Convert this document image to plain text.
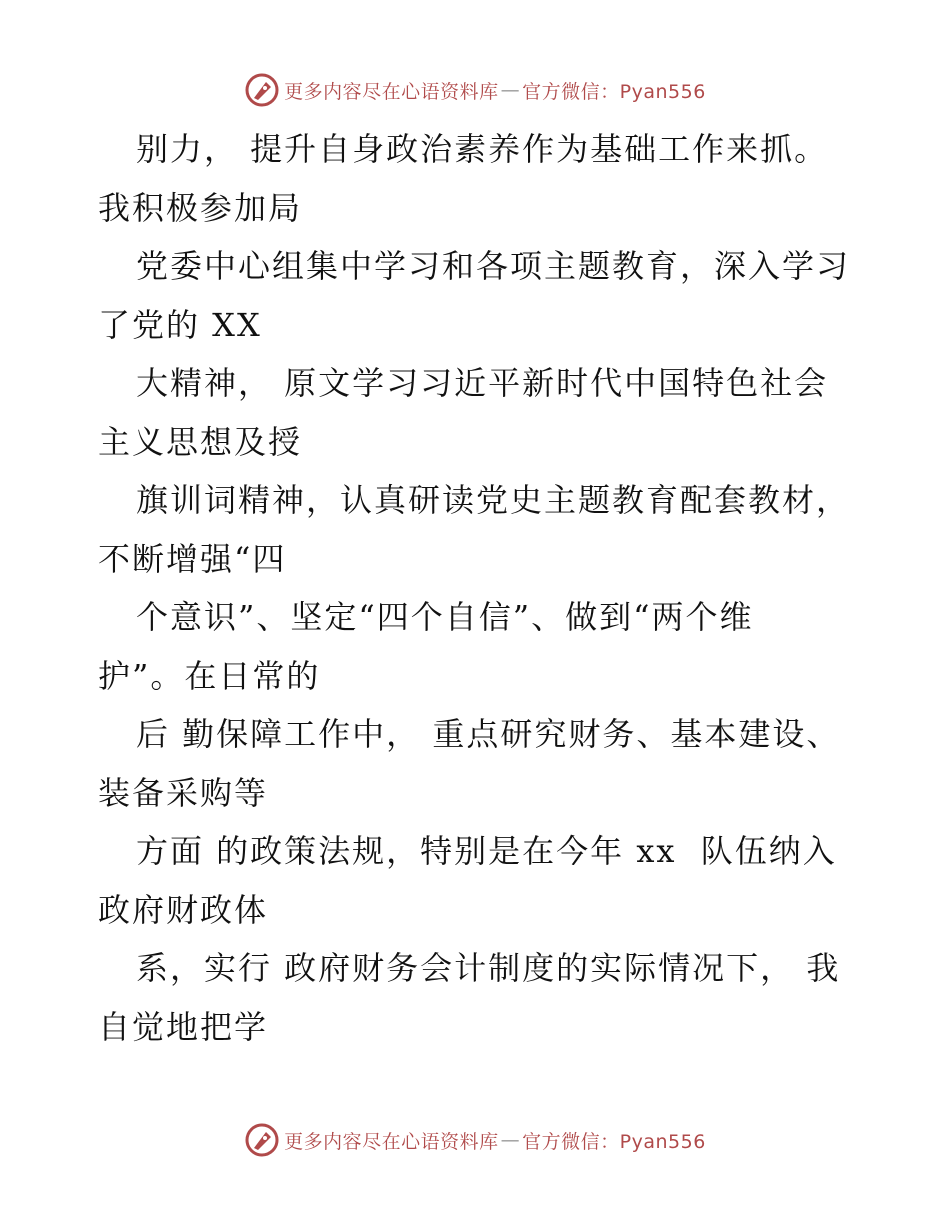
更多内容尽在心语资料库 — 官方微信：Pyan556
别力， 提升自身政治素养作为基础工作来抓。
我积极参加局
党委中心组集中学习和各项主题教育，深入学习
了党的 XX
大精神， 原文学习习近平新时代中国特色社会
主义思想及授
旗训词精神，认真研读党史主题教育配套教材，
不断增强“四
个意识”、坚定“四个自信”、做到“两个维
护”。在日常的
后 勤保障工作中， 重点研究财务、基本建设、
装备采购等
方面 的政策法规，特别是在今年 xx  队伍纳入
政府财政体
系，实行 政府财务会计制度的实际情况下， 我
自觉地把学
更多内容尽在心语资料库 — 官方微信：Pyan556
